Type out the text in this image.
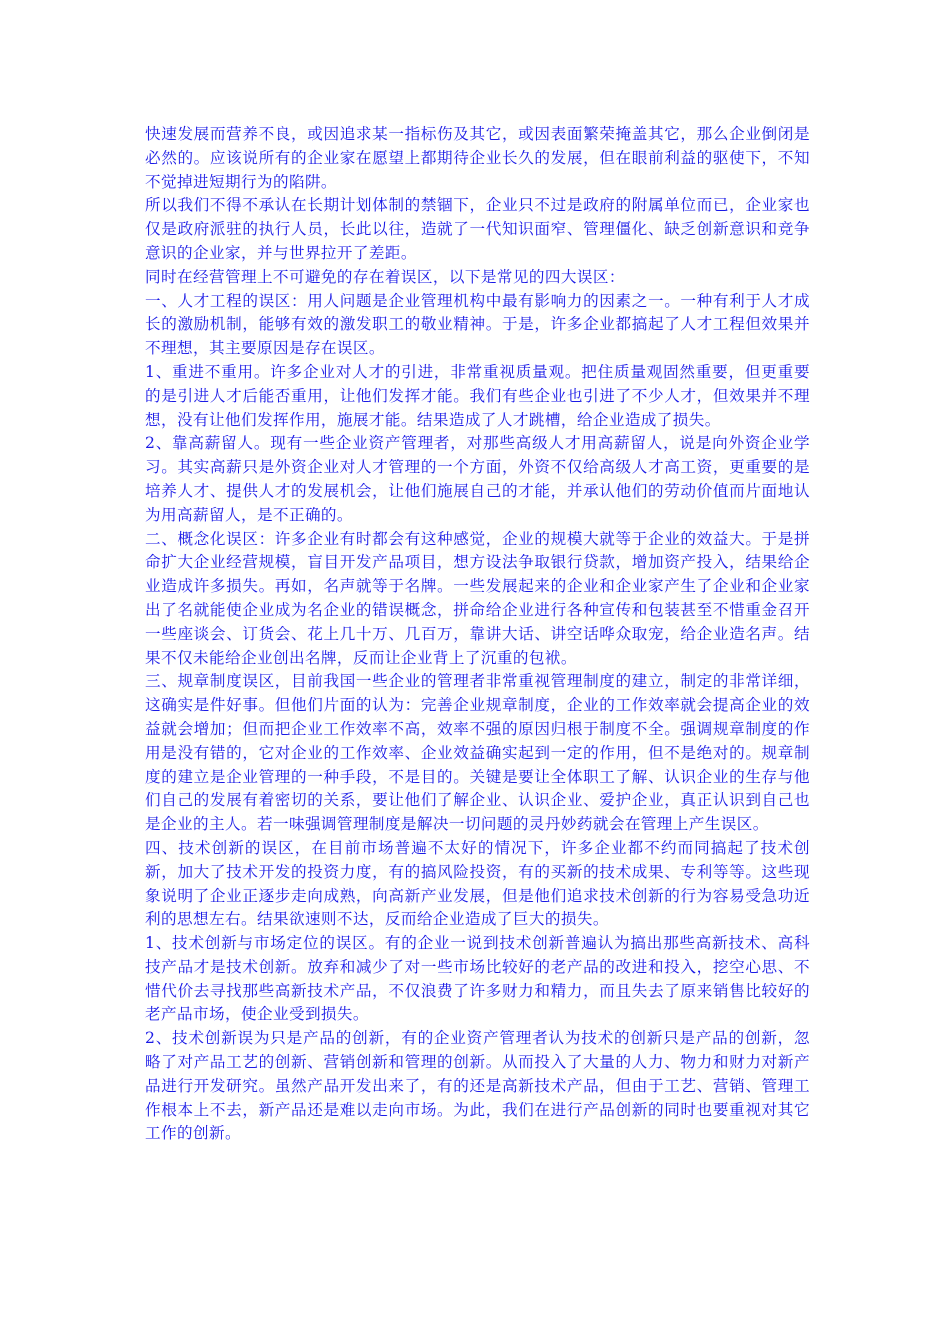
快速发展而营养不良，或因追求某一指标伤及其它，或因表面繁荣掩盖其它，那么企业倒闭是必然的。应该说所有的企业家在愿望上都期待企业长久的发展，但在眼前利益的驱使下，不知不觉掉进短期行为的陷阱。

所以我们不得不承认在长期计划体制的禁锢下，企业只不过是政府的附属单位而已，企业家也仅是政府派驻的执行人员，长此以往，造就了一代知识面窄、管理僵化、缺乏创新意识和竞争意识的企业家，并与世界拉开了差距。

同时在经营管理上不可避免的存在着误区，以下是常见的四大误区：

一、人才工程的误区：用人问题是企业管理机构中最有影响力的因素之一。一种有利于人才成长的激励机制，能够有效的激发职工的敬业精神。于是，许多企业都搞起了人才工程但效果并不理想，其主要原因是存在误区。

1、重进不重用。许多企业对人才的引进，非常重视质量观。把住质量观固然重要，但更重要的是引进人才后能否重用，让他们发挥才能。我们有些企业也引进了不少人才，但效果并不理想，没有让他们发挥作用，施展才能。结果造成了人才跳槽，给企业造成了损失。

2、靠高薪留人。现有一些企业资产管理者，对那些高级人才用高薪留人，说是向外资企业学习。其实高薪只是外资企业对人才管理的一个方面，外资不仅给高级人才高工资，更重要的是培养人才、提供人才的发展机会，让他们施展自己的才能，并承认他们的劳动价值而片面地认为用高薪留人，是不正确的。

二、概念化误区：许多企业有时都会有这种感觉，企业的规模大就等于企业的效益大。于是拼命扩大企业经营规模，盲目开发产品项目，想方设法争取银行贷款，增加资产投入，结果给企业造成许多损失。再如，名声就等于名牌。一些发展起来的企业和企业家产生了企业和企业家出了名就能使企业成为名企业的错误概念，拼命给企业进行各种宣传和包装甚至不惜重金召开一些座谈会、订货会、花上几十万、几百万，靠讲大话、讲空话哗众取宠，给企业造名声。结果不仅未能给企业创出名牌，反而让企业背上了沉重的包袱。

三、规章制度误区，目前我国一些企业的管理者非常重视管理制度的建立，制定的非常详细，这确实是件好事。但他们片面的认为：完善企业规章制度，企业的工作效率就会提高企业的效益就会增加；但而把企业工作效率不高，效率不强的原因归根于制度不全。强调规章制度的作用是没有错的，它对企业的工作效率、企业效益确实起到一定的作用，但不是绝对的。规章制度的建立是企业管理的一种手段，不是目的。关键是要让全体职工了解、认识企业的生存与他们自己的发展有着密切的关系，要让他们了解企业、认识企业、爱护企业，真正认识到自己也是企业的主人。若一味强调管理制度是解决一切问题的灵丹妙药就会在管理上产生误区。

四、技术创新的误区，在目前市场普遍不太好的情况下，许多企业都不约而同搞起了技术创新，加大了技术开发的投资力度，有的搞风险投资，有的买新的技术成果、专利等等。这些现象说明了企业正逐步走向成熟，向高新产业发展，但是他们追求技术创新的行为容易受急功近利的思想左右。结果欲速则不达，反而给企业造成了巨大的损失。

1、技术创新与市场定位的误区。有的企业一说到技术创新普遍认为搞出那些高新技术、高科技产品才是技术创新。放弃和减少了对一些市场比较好的老产品的改进和投入，挖空心思、不惜代价去寻找那些高新技术产品，不仅浪费了许多财力和精力，而且失去了原来销售比较好的老产品市场，使企业受到损失。

2、技术创新误为只是产品的创新，有的企业资产管理者认为技术的创新只是产品的创新，忽略了对产品工艺的创新、营销创新和管理的创新。从而投入了大量的人力、物力和财力对新产品进行开发研究。虽然产品开发出来了，有的还是高新技术产品，但由于工艺、营销、管理工作根本上不去，新产品还是难以走向市场。为此，我们在进行产品创新的同时也要重视对其它工作的创新。
